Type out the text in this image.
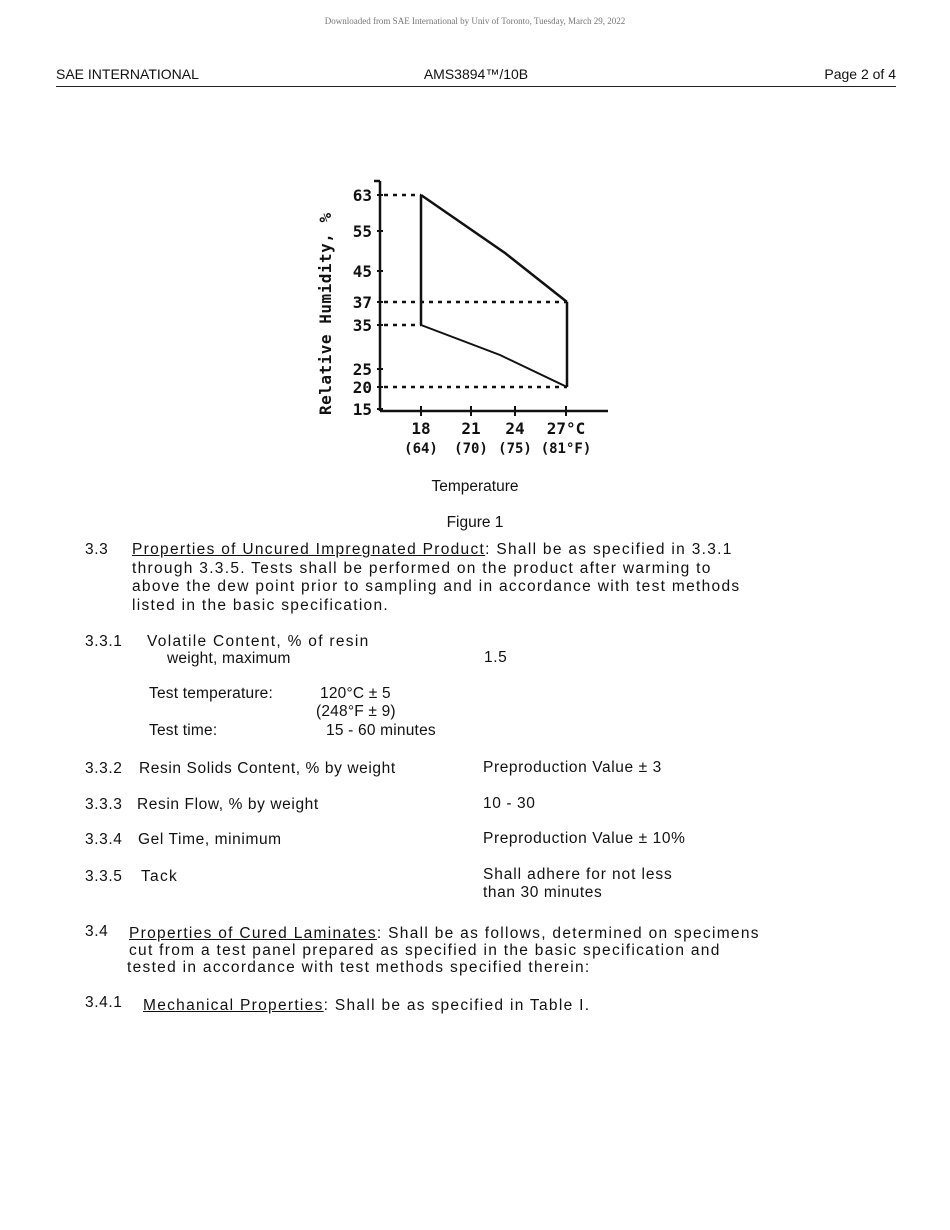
Downloaded from SAE International by Univ of Toronto, Tuesday, March 29, 2022
SAE INTERNATIONAL	AMS3894™/10B	Page 2 of 4
Relative Humidity, %
63
55
45
37
35
25
20
15
18
(64)
21
(70)
24
(75)
27°C
(81°F)
Temperature
Figure 1
3.3 Properties of Uncured Impregnated Product: Shall be as specified in 3.3.1
through 3.3.5. Tests shall be performed on the product after warming to
above the dew point prior to sampling and in accordance with test methods
listed in the basic specification.
3.3.1 Volatile Content, % of resin
weight, maximum	1.5
Test temperature:	120°C ± 5
(248°F ± 9)
Test time:	15 - 60 minutes
3.3.2 Resin Solids Content, % by weight	Preproduction Value ± 3
3.3.3 Resin Flow, % by weight	10 - 30
3.3.4 Gel Time, minimum	Preproduction Value ± 10%
3.3.5 Tack	Shall adhere for not less
than 30 minutes
3.4 Properties of Cured Laminates: Shall be as follows, determined on specimens
cut from a test panel prepared as specified in the basic specification and
tested in accordance with test methods specified therein:
3.4.1 Mechanical Properties: Shall be as specified in Table I.
